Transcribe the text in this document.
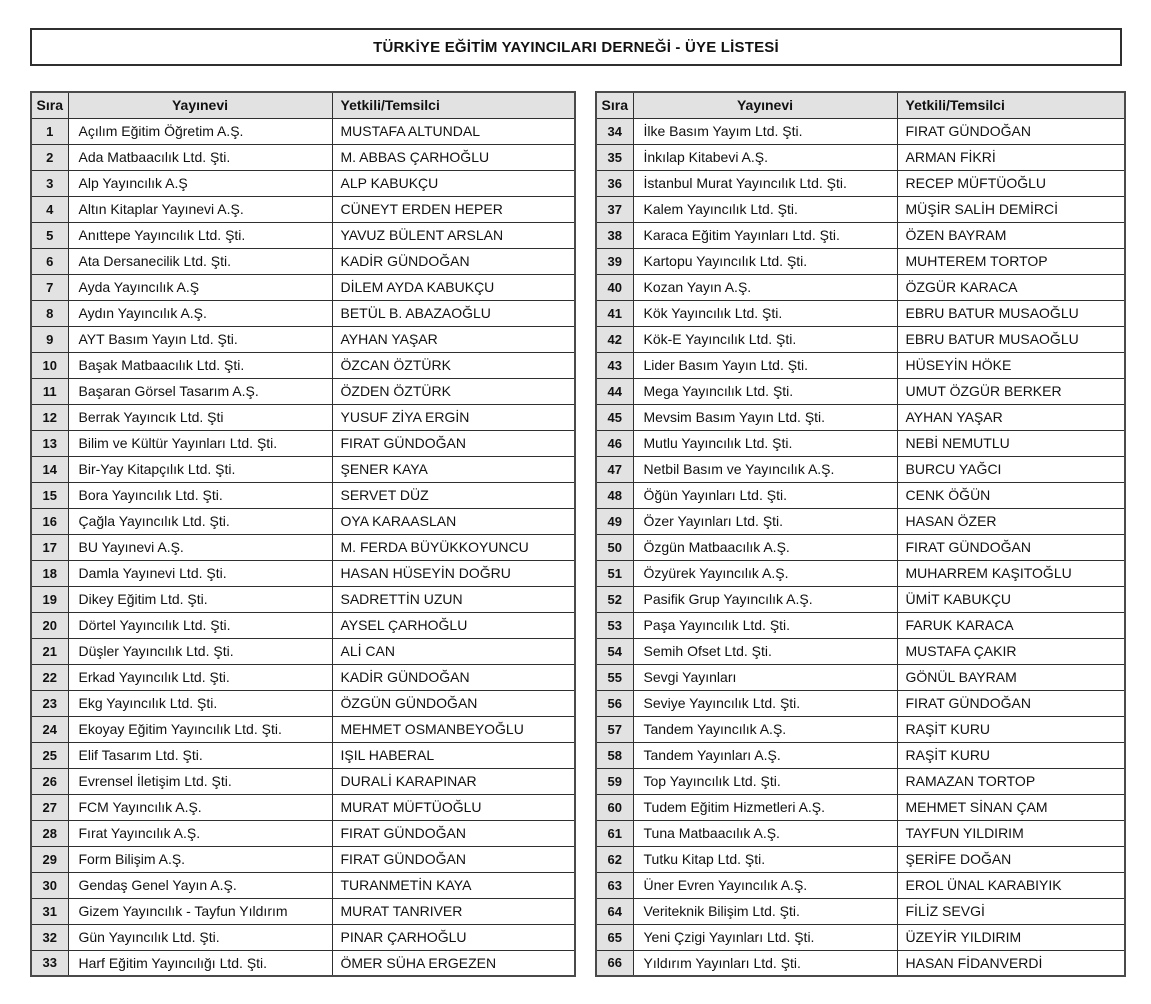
TÜRKİYE EĞİTİM YAYINCILARI DERNEĞİ - ÜYE LİSTESİ
Sıra	Yayınevi	Yetkili/Temsilci
1	Açılım Eğitim Öğretim A.Ş.	MUSTAFA ALTUNDAL
2	Ada Matbaacılık Ltd. Şti.	M. ABBAS ÇARHOĞLU
3	Alp Yayıncılık A.Ş	ALP KABUKÇU
4	Altın Kitaplar Yayınevi A.Ş.	CÜNEYT ERDEN HEPER
5	Anıttepe Yayıncılık Ltd. Şti.	YAVUZ BÜLENT ARSLAN
6	Ata Dersanecilik Ltd. Şti.	KADİR GÜNDOĞAN
7	Ayda Yayıncılık A.Ş	DİLEM AYDA KABUKÇU
8	Aydın Yayıncılık A.Ş.	BETÜL B. ABAZAOĞLU
9	AYT Basım Yayın Ltd. Şti.	AYHAN YAŞAR
10	Başak Matbaacılık Ltd. Şti.	ÖZCAN ÖZTÜRK
11	Başaran Görsel Tasarım A.Ş.	ÖZDEN ÖZTÜRK
12	Berrak Yayıncık Ltd. Şti	YUSUF ZİYA ERGİN
13	Bilim ve Kültür Yayınları Ltd. Şti.	FIRAT GÜNDOĞAN
14	Bir-Yay Kitapçılık Ltd. Şti.	ŞENER KAYA
15	Bora Yayıncılık Ltd. Şti.	SERVET DÜZ
16	Çağla Yayıncılık Ltd. Şti.	OYA KARAASLAN
17	BU Yayınevi A.Ş.	M. FERDA BÜYÜKKOYUNCU
18	Damla Yayınevi Ltd. Şti.	HASAN HÜSEYİN DOĞRU
19	Dikey Eğitim Ltd. Şti.	SADRETTİN UZUN
20	Dörtel Yayıncılık Ltd. Şti.	AYSEL ÇARHOĞLU
21	Düşler Yayıncılık Ltd. Şti.	ALİ CAN
22	Erkad Yayıncılık Ltd. Şti.	KADİR GÜNDOĞAN
23	Ekg Yayıncılık Ltd. Şti.	ÖZGÜN GÜNDOĞAN
24	Ekoyay Eğitim Yayıncılık Ltd. Şti.	MEHMET OSMANBEYOĞLU
25	Elif Tasarım Ltd. Şti.	IŞIL HABERAL
26	Evrensel İletişim Ltd. Şti.	DURALİ KARAPINAR
27	FCM Yayıncılık A.Ş.	MURAT MÜFTÜOĞLU
28	Fırat Yayıncılık A.Ş.	FIRAT GÜNDOĞAN
29	Form Bilişim A.Ş.	FIRAT GÜNDOĞAN
30	Gendaş Genel Yayın A.Ş.	TURANMETİN KAYA
31	Gizem Yayıncılık - Tayfun Yıldırım	MURAT TANRIVER
32	Gün Yayıncılık Ltd. Şti.	PINAR ÇARHOĞLU
33	Harf Eğitim Yayıncılığı Ltd. Şti.	ÖMER SÜHA ERGEZEN
Sıra	Yayınevi	Yetkili/Temsilci
34	İlke Basım Yayım Ltd. Şti.	FIRAT GÜNDOĞAN
35	İnkılap Kitabevi A.Ş.	ARMAN FİKRİ
36	İstanbul Murat Yayıncılık Ltd. Şti.	RECEP MÜFTÜOĞLU
37	Kalem Yayıncılık Ltd. Şti.	MÜŞİR SALİH DEMİRCİ
38	Karaca Eğitim Yayınları Ltd. Şti.	ÖZEN BAYRAM
39	Kartopu Yayıncılık Ltd. Şti.	MUHTEREM TORTOP
40	Kozan Yayın A.Ş.	ÖZGÜR KARACA
41	Kök Yayıncılık Ltd. Şti.	EBRU BATUR MUSAOĞLU
42	Kök-E Yayıncılık Ltd. Şti.	EBRU BATUR MUSAOĞLU
43	Lider Basım Yayın Ltd. Şti.	HÜSEYİN HÖKE
44	Mega Yayıncılık Ltd. Şti.	UMUT ÖZGÜR BERKER
45	Mevsim Basım Yayın Ltd. Şti.	AYHAN YAŞAR
46	Mutlu Yayıncılık Ltd. Şti.	NEBİ NEMUTLU
47	Netbil Basım ve Yayıncılık A.Ş.	BURCU YAĞCI
48	Öğün Yayınları Ltd. Şti.	CENK ÖĞÜN
49	Özer Yayınları Ltd. Şti.	HASAN ÖZER
50	Özgün Matbaacılık A.Ş.	FIRAT GÜNDOĞAN
51	Özyürek Yayıncılık A.Ş.	MUHARREM KAŞITOĞLU
52	Pasifik Grup Yayıncılık A.Ş.	ÜMİT KABUKÇU
53	Paşa Yayıncılık Ltd. Şti.	FARUK KARACA
54	Semih Ofset Ltd. Şti.	MUSTAFA ÇAKIR
55	Sevgi Yayınları	GÖNÜL BAYRAM
56	Seviye Yayıncılık Ltd. Şti.	FIRAT GÜNDOĞAN
57	Tandem Yayıncılık A.Ş.	RAŞİT KURU
58	Tandem Yayınları A.Ş.	RAŞİT KURU
59	Top Yayıncılık Ltd. Şti.	RAMAZAN TORTOP
60	Tudem Eğitim Hizmetleri A.Ş.	MEHMET SİNAN ÇAM
61	Tuna Matbaacılık A.Ş.	TAYFUN YILDIRIM
62	Tutku Kitap Ltd. Şti.	ŞERİFE DOĞAN
63	Üner Evren Yayıncılık A.Ş.	EROL ÜNAL KARABIYIK
64	Veriteknik Bilişim Ltd. Şti.	FİLİZ SEVGİ
65	Yeni Çzigi Yayınları Ltd. Şti.	ÜZEYİR YILDIRIM
66	Yıldırım Yayınları Ltd. Şti.	HASAN FİDANVERDİ
